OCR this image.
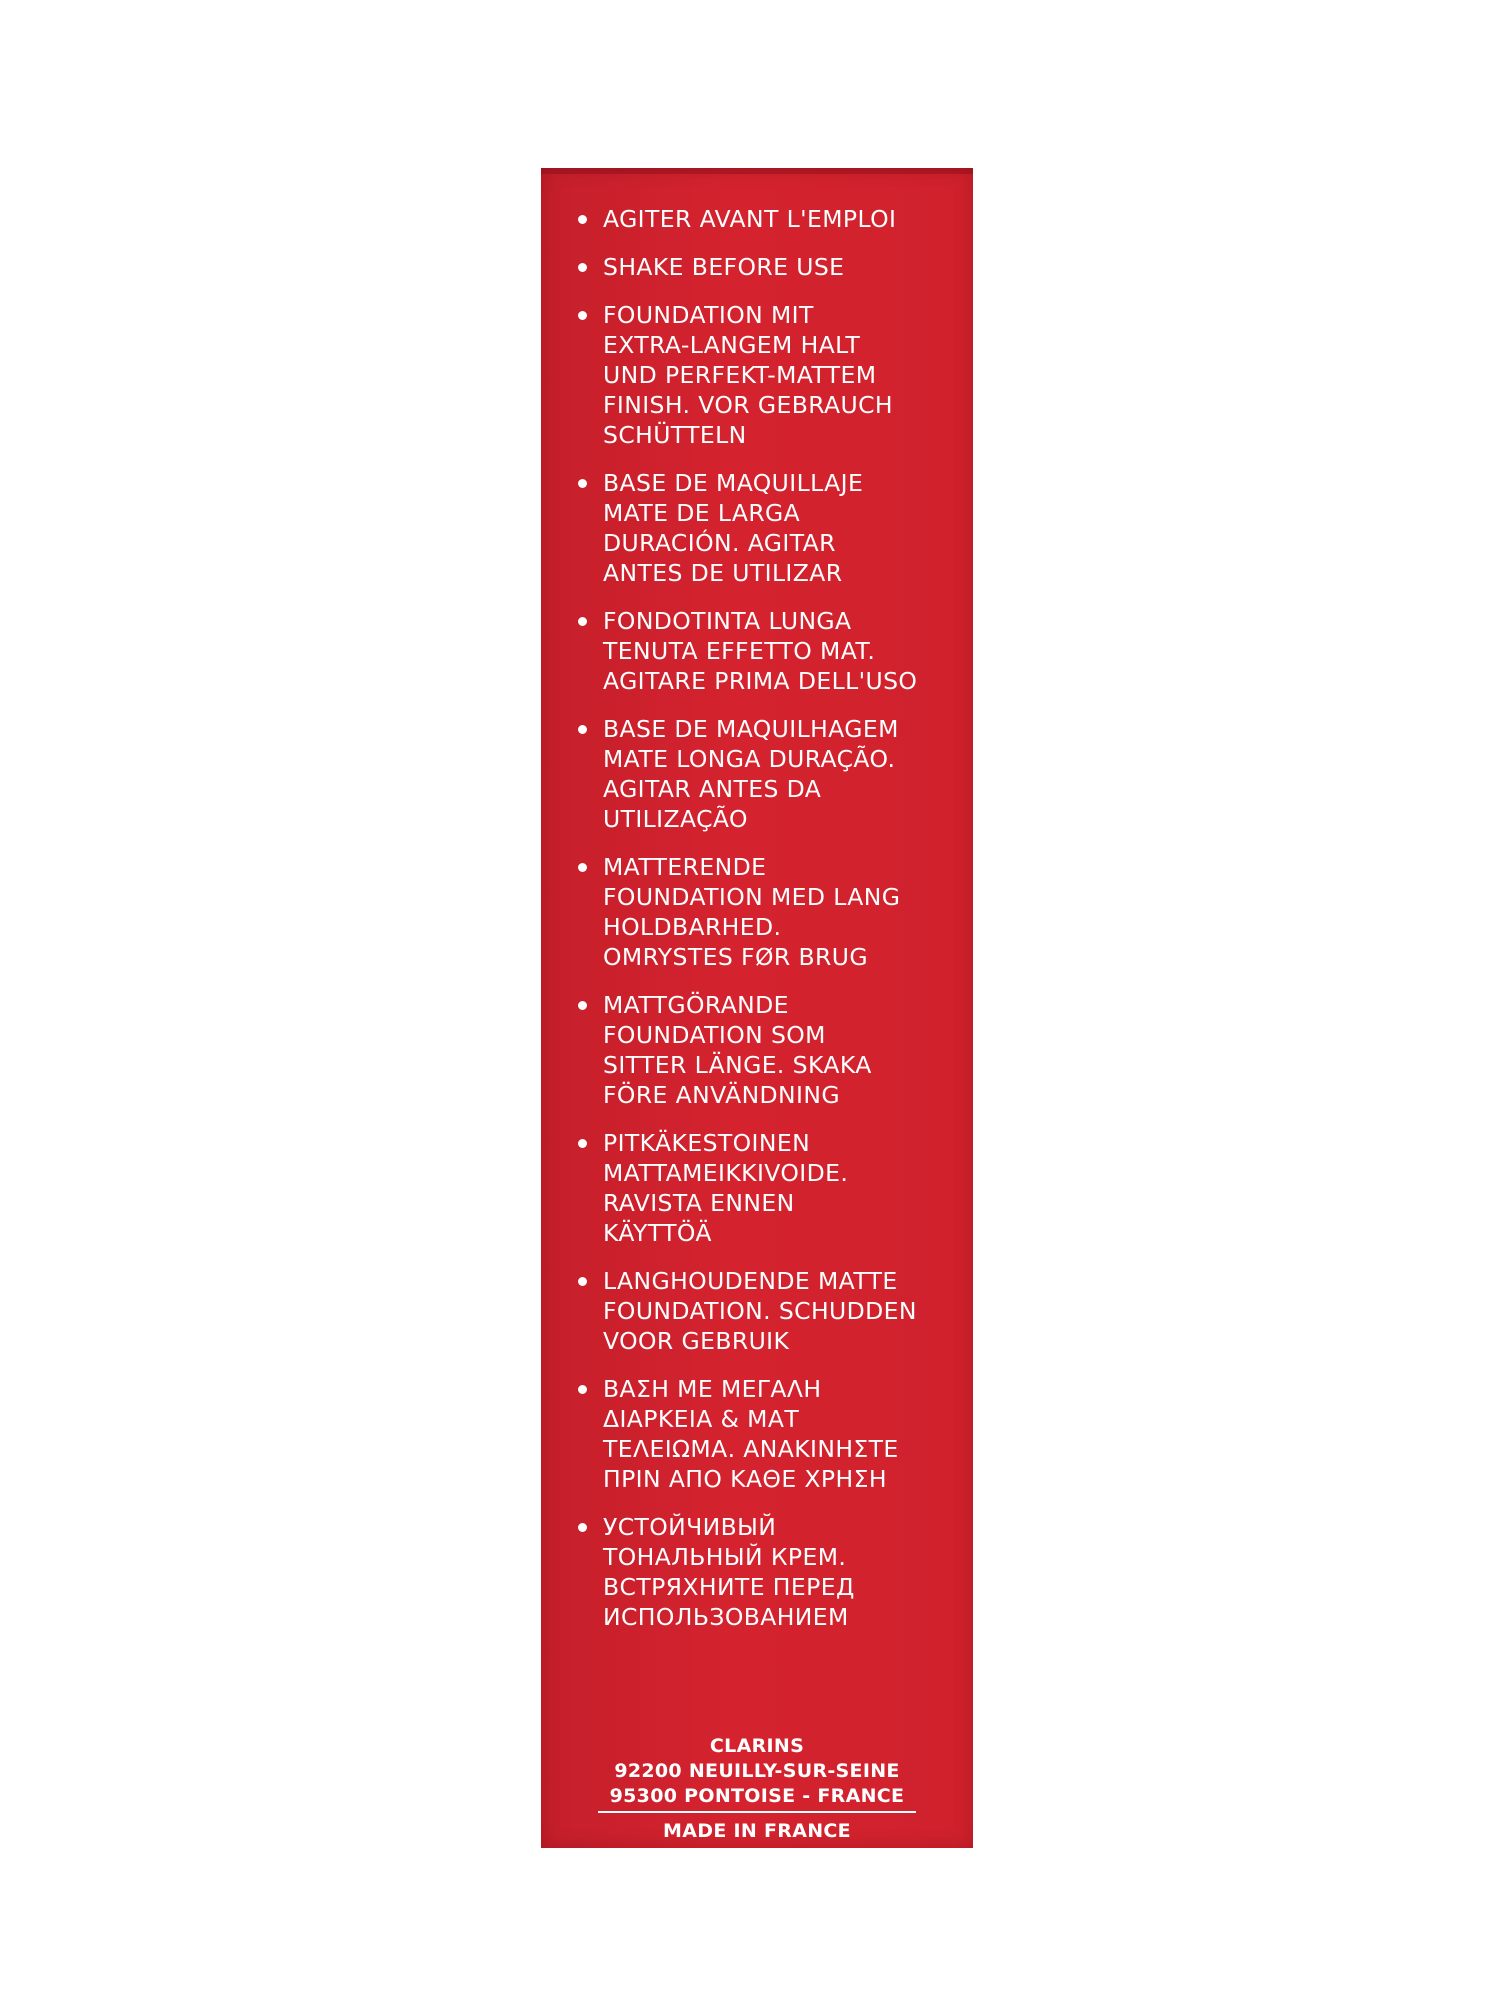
AGITER AVANT L'EMPLOI
SHAKE BEFORE USE
FOUNDATION MIT
EXTRA-LANGEM HALT
UND PERFEKT-MATTEM
FINISH. VOR GEBRAUCH
SCHÜTTELN
BASE DE MAQUILLAJE
MATE DE LARGA
DURACIÓN. AGITAR
ANTES DE UTILIZAR
FONDOTINTA LUNGA
TENUTA EFFETTO MAT.
AGITARE PRIMA DELL'USO
BASE DE MAQUILHAGEM
MATE LONGA DURAÇÃO.
AGITAR ANTES DA
UTILIZAÇÃO
MATTERENDE
FOUNDATION MED LANG
HOLDBARHED.
OMRYSTES FØR BRUG
MATTGÖRANDE
FOUNDATION SOM
SITTER LÄNGE. SKAKA
FÖRE ANVÄNDNING
PITKÄKESTOINEN
MATTAMEIKKIVOIDE.
RAVISTA ENNEN
KÄYTTÖÄ
LANGHOUDENDE MATTE
FOUNDATION. SCHUDDEN
VOOR GEBRUIK
ΒΑΣΗ ΜΕ ΜΕΓΑΛΗ
ΔΙΑΡΚΕΙΑ & ΜΑΤ
ΤΕΛΕΙΩΜΑ. ΑΝΑΚΙΝΗΣΤΕ
ΠΡΙΝ ΑΠΟ ΚΑΘΕ ΧΡΗΣΗ
УСТОЙЧИВЫЙ
ТОНАЛЬНЫЙ КРЕМ.
ВСТРЯХНИТЕ ПЕРЕД
ИСПОЛЬЗОВАНИЕМ
CLARINS
92200 NEUILLY-SUR-SEINE
95300 PONTOISE - FRANCE
MADE IN FRANCE
